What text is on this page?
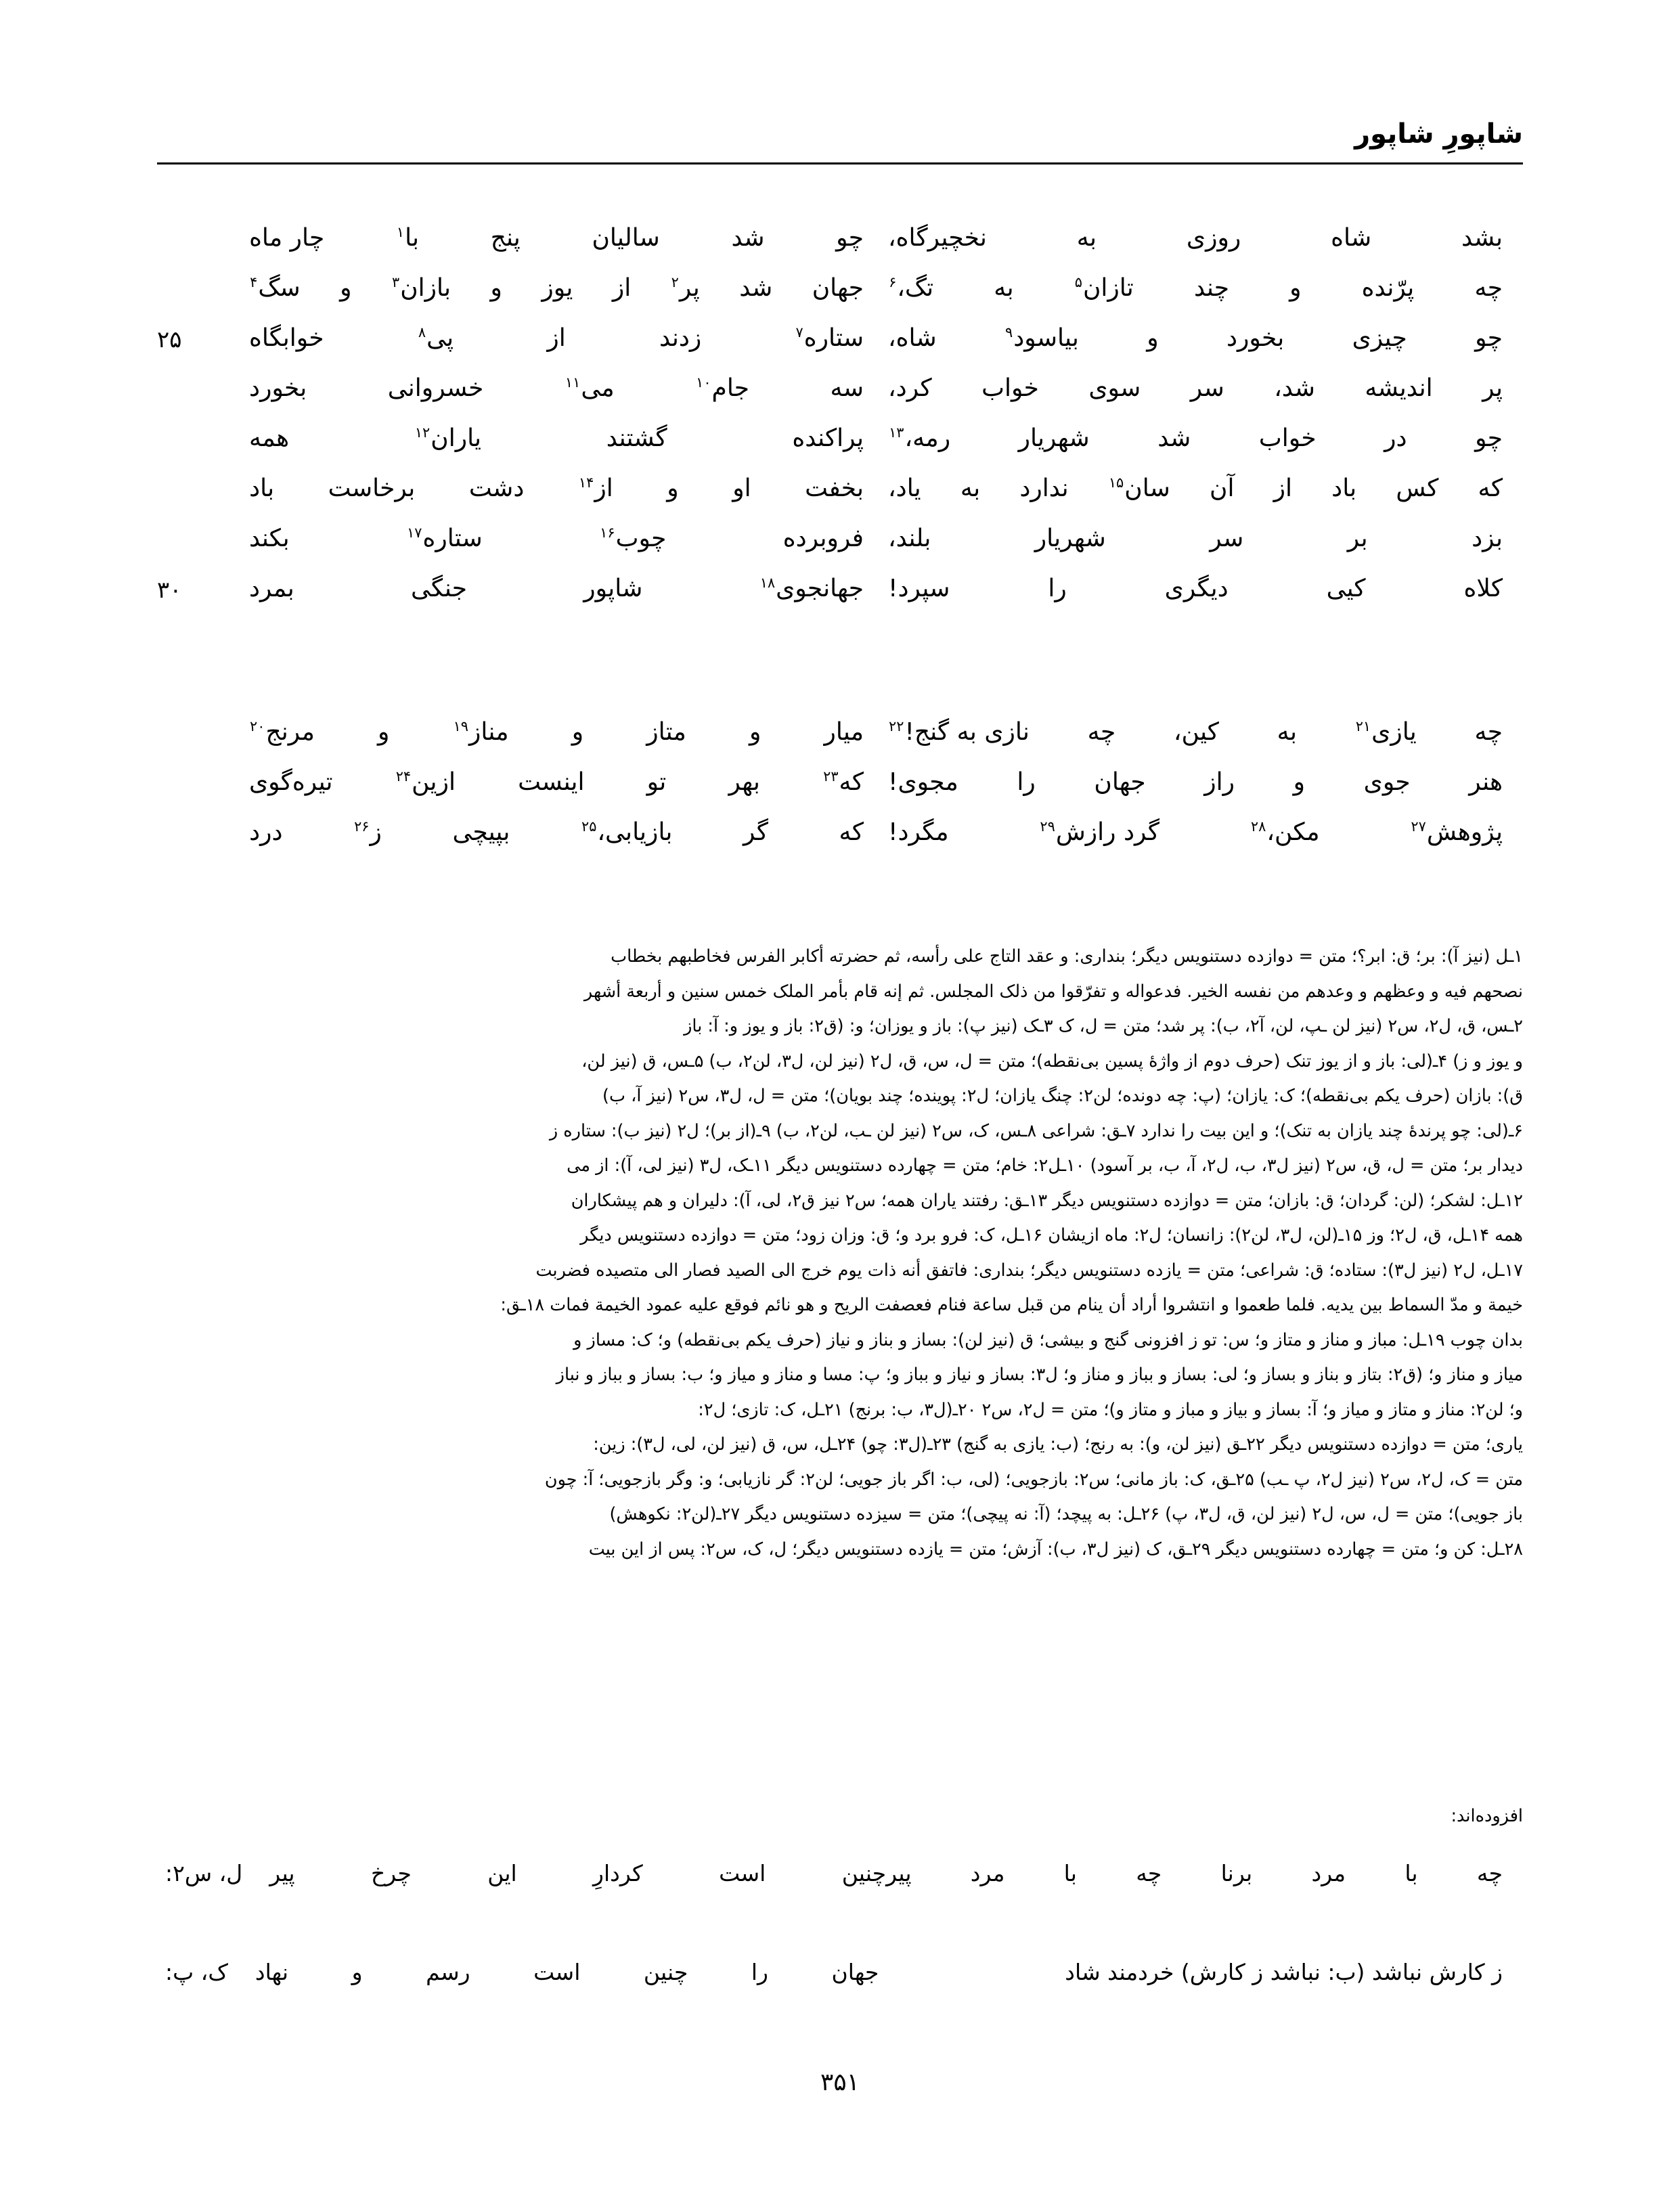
شاپورِ شاپور
بشد
شاه
روزی
به
نخچيرگاه،
چو
شد
ساليان
پنج
با$^۱$
چار ماه
چه
پرّنده
و
چند
تازان$^۵$
به
تگ،$^۶$
جهان
شد
پر$^۲$
از
يوز
و
بازان$^۳$
و
سگ$^۴$
چو
چيزی
بخورد
و
بياسود$^۹$
شاه،
ستاره$^۷$
زدند
از
پی$^۸$
خوابگاه
۲۵
پر
انديشه
شد،
سر
سوی
خواب
کرد،
سه
جام$^{۱۰}$
می$^{۱۱}$
خسروانی
بخورد
چو
در
خواب
شد
شهريار
رمه،$^{۱۳}$
پراکنده
گشتند
ياران$^{۱۲}$
همه
که
کس
باد
از
آن
سان$^{۱۵}$
ندارد
به
ياد،
بخفت
او
و
از$^{۱۴}$
دشت
برخاست
باد
بزد
بر
سر
شهريار
بلند،
فروبرده
چوب$^{۱۶}$
ستاره$^{۱۷}$
بکند
کلاه
کيی
ديگری
را
سپرد!
جهانجوی$^{۱۸}$
شاپور
جنگی
بمرد
۳۰
چه
يازی$^{۲۱}$
به
کين،
چه
نازی به گنج!$^{۲۲}$
ميار
و
متاز
و
مناز$^{۱۹}$
و
مرنج$^{۲۰}$
هنر
جوی
و
راز
جهان
را
مجوی!
که$^{۲۳}$
بهر
تو
اينست
ازين$^{۲۴}$
تيره‌گوی
پژوهش$^{۲۷}$
مکن،$^{۲۸}$
گرد رازش$^{۲۹}$
مگرد!
که
گر
بازيابی،$^{۲۵}$
بپيچی
ز$^{۲۶}$
درد
۱ـل (نيز آ): بر؛ ق: ابر؟؛ متن = دوازده دستنويس ديگر؛ بنداری: و عقد التاج علی رأسه، ثم حضرته أکابر الفرس فخاطبهم بخطاب
نصحهم فيه و وعظهم و وعدهم من نفسه الخير. فدعواله و تفرّقوا من ذلک المجلس. ثم إنه قام بأمر الملک خمس سنين و أربعة أشهر
۲ـس، ق، ل۲، س۲ (نيز لن ـپ، لن، آ۲، ب): پر شد؛ متن = ل، ک ۳ـک (نيز پ): باز و يوزان؛ و: (ق۲: باز و يوز و: آ: باز
و يوز و ز) ۴ـ(لی: باز و از يوز تنک (حرف دوم از واژهٔ پسين بی‌نقطه)؛ متن = ل، س، ق، ل۲ (نيز لن، ل۳، لن۲، ب) ۵ـس، ق (نيز لن،
ق): بازان (حرف يکم بی‌نقطه)؛ ک: يازان؛ (پ: چه دونده؛ لن۲: چنگ يازان؛ ل۲: پوينده؛ چند بويان)؛ متن = ل، ل۳، س۲ (نيز آ، ب)
۶ـ(لی: چو پرندهٔ چند يازان به تنک)؛ و اين بيت را ندارد ۷ـق: شراعی ۸ـس، ک، س۲ (نيز لن ـب، لن۲، ب) ۹ـ(از بر)؛ ل۲ (نيز ب): ستاره ز
ديدار بر؛ متن = ل، ق، س۲ (نيز ل۳، ب، ل۲، آ، ب، بر آسود) ۱۰ـل۲: خام؛ متن = چهارده دستنويس ديگر ۱۱ـک، ل۳ (نيز لی، آ): از می
۱۲ـل: لشکر؛ (لن: گردان؛ ق: بازان؛ متن = دوازده دستنويس ديگر ۱۳ـق: رفتند ياران همه؛ س۲ نيز ق۲، لی، آ): دليران و هم پيشکاران
همه ۱۴ـل، ق، ل۲؛ وز ۱۵ـ(لن، ل۳، لن۲): زانسان؛ ل۲: ماه ازيشان ۱۶ـل، ک: فرو برد و؛ ق: وزان زود؛ متن = دوازده دستنويس ديگر
۱۷ـل، ل۲ (نيز ل۳): ستاده؛ ق: شراعی؛ متن = يازده دستنويس ديگر؛ بنداری: فاتفق أنه ذات يوم خرج الی الصيد فصار الی متصيده فضربت
خيمة و مدّ السماط بين يديه. فلما طعموا و انتشروا أراد أن ينام من قبل ساعة فنام فعصفت الريح و هو نائم فوقع عليه عمود الخيمة فمات ۱۸ـق:
بدان چوب ۱۹ـل: مباز و مناز و متاز و؛ س: تو ز افزونی گنج و بيشی؛ ق (نيز لن): بساز و بناز و نياز (حرف يکم بی‌نقطه) و؛ ک: مساز و
مياز و مناز و؛ (ق۲: بتاز و بناز و بساز و؛ لی: بساز و بباز و مناز و؛ ل۳: بساز و نياز و بباز و؛ پ: مسا و مناز و مياز و؛ ب: بساز و بباز و نباز
و؛ لن۲: مناز و متاز و مياز و؛ آ: بساز و بياز و مباز و متاز و)؛ متن = ل۲، س۲ ۲۰ـ(ل۳، ب: برنج) ۲۱ـل، ک: تازی؛ ل۲:
ياری؛ متن = دوازده دستنويس ديگر ۲۲ـق (نيز لن، و): به رنج؛ (ب: يازی به گنج) ۲۳ـ(ل۳: چو) ۲۴ـل، س، ق (نيز لن، لی، ل۳): زين:
متن = ک، ل۲، س۲ (نيز ل۲، پ ـب) ۲۵ـق، ک: باز مانی؛ س۲: بازجويی؛ (لی، ب: اگر باز جويی؛ لن۲: گر نازيابی؛ و: وگر بازجويی؛ آ: چون
باز جويی)؛ متن = ل، س، ل۲ (نيز لن، ق، ل۳، پ) ۲۶ـل: به پيچد؛ (آ: نه پيچی)؛ متن = سيزده دستنويس ديگر ۲۷ـ(لن۲: نکوهش)
۲۸ـل: کن و؛ متن = چهارده دستنويس ديگر ۲۹ـق، ک (نيز ل۳، ب): آزش؛ متن = يازده دستنويس ديگر؛ ل، ک، س۲: پس از اين بيت
افزوده‌اند:
چه
با
مرد
برنا
چه
با
مرد
پير
چنين
است
کردارِ
اين
چرخ
پير
ل، س۲:
ز کارش نباشد (ب: نباشد ز کارش) خردمند شاد
جهان
را
چنين
است
رسم
و
نهاد
ک، پ:
۳۵۱
